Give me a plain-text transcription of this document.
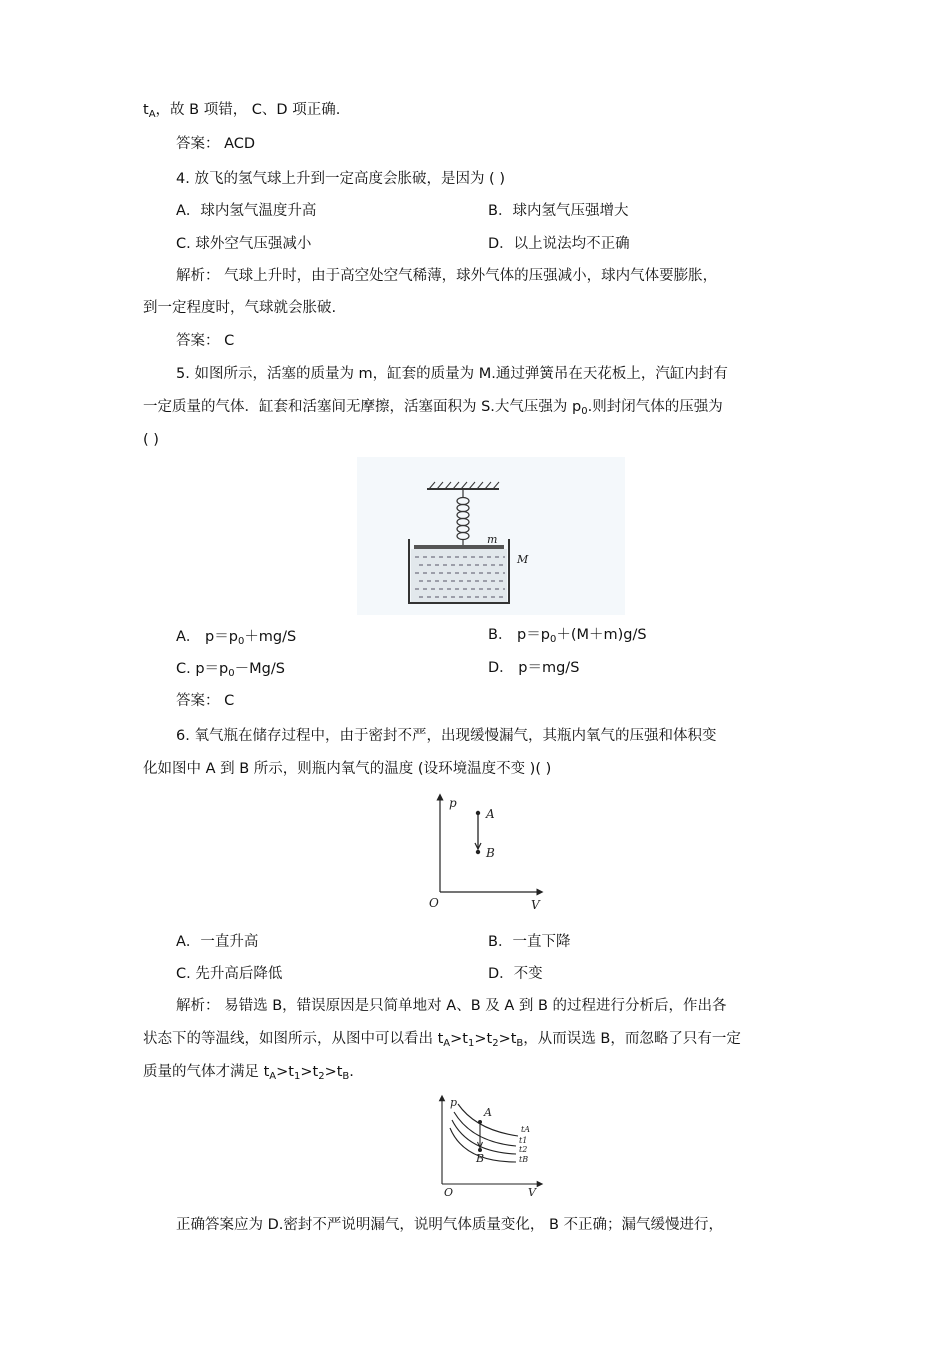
$t_A$，故 B 项错， C、D 项正确.
答案： ACD
4. 放飞的氢气球上升到一定高度会胀破，是因为 ( )
A．球内氢气温度升高	B．球内氢气压强增大
C. 球外空气压强减小	D．以上说法均不正确
解析： 气球上升时，由于高空处空气稀薄，球外气体的压强减小，球内气体要膨胀，
到一定程度时，气球就会胀破.
答案： C
5. 如图所示，活塞的质量为 m，缸套的质量为 M.通过弹簧吊在天花板上，汽缸内封有
一定质量的气体．缸套和活塞间无摩擦，活塞面积为 S.大气压强为 $p_0$.则封闭气体的压强为
( )
m
M
A． $p=p_0+mg/S$	B． $p=p_0+(M+m)g/S$
C. $p=p_0-Mg/S$	D． p＝mg/S
答案： C
6. 氧气瓶在储存过程中，由于密封不严，出现缓慢漏气，其瓶内氧气的压强和体积变
化如图中 A 到 B 所示，则瓶内氧气的温度 (设环境温度不变 )( )
p
V
O
A
B
A．一直升高	B．一直下降
C. 先升高后降低	D．不变
解析： 易错选 B，错误原因是只简单地对 A、B 及 A 到 B 的过程进行分析后，作出各
状态下的等温线，如图所示，从图中可以看出 $t_A>t_1>t_2>t_B$，从而误选 B，而忽略了只有一定
质量的气体才满足 $t_A>t_1>t_2>t_B$.
p
V
O
A
B
tA
t1
t2
tB
正确答案应为 D.密封不严说明漏气，说明气体质量变化， B 不正确；漏气缓慢进行，
